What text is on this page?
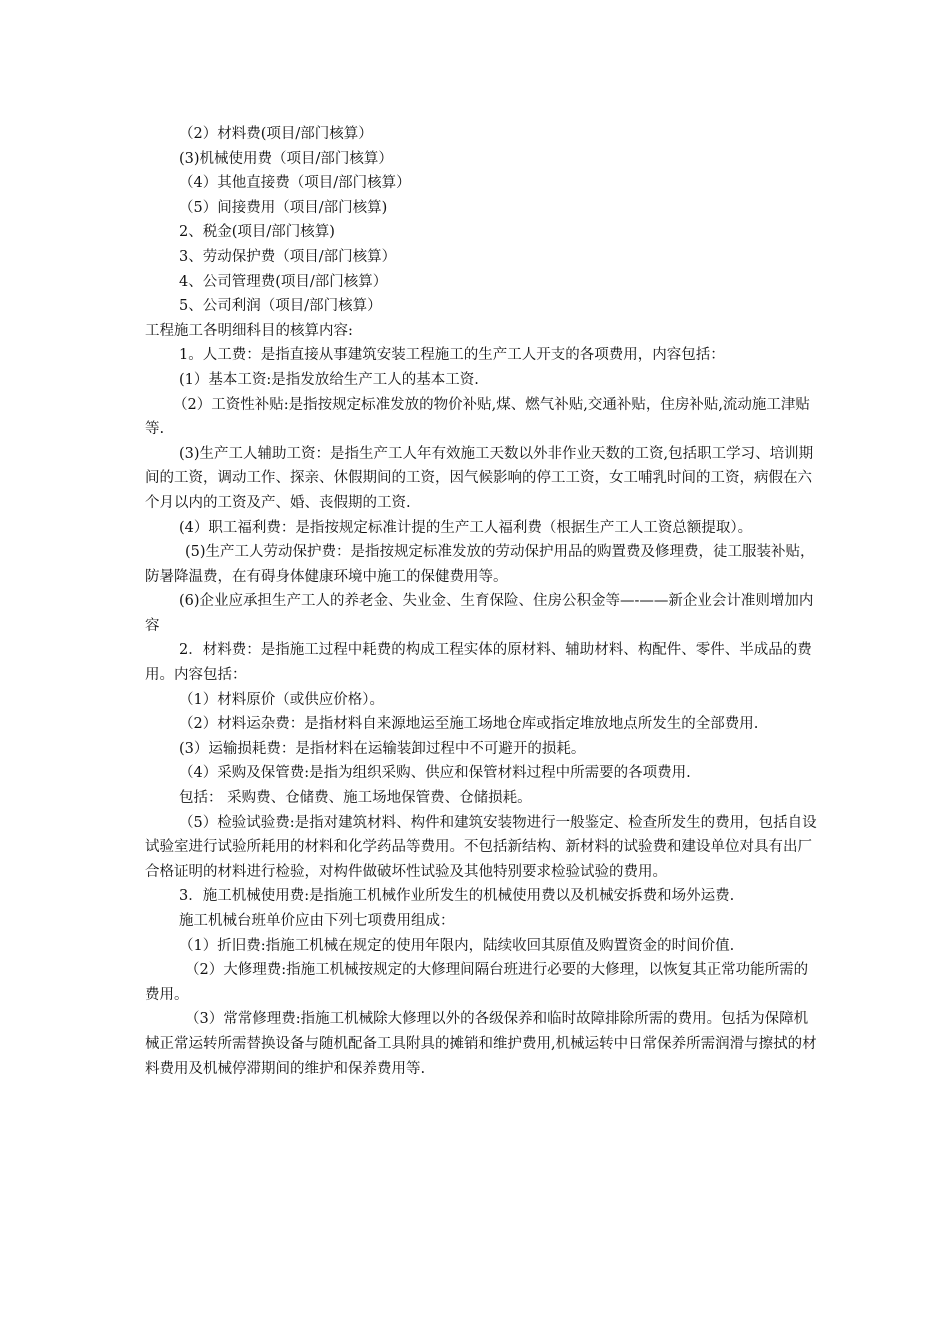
（2）材料费(项目/部门核算）

(3)机械使用费（项目/部门核算）

（4）其他直接费（项目/部门核算）

（5）间接费用（项目/部门核算)

2、税金(项目/部门核算)

3、劳动保护费（项目/部门核算）

4、公司管理费(项目/部门核算）

5、公司利润（项目/部门核算）

工程施工各明细科目的核算内容:

1。人工费：是指直接从事建筑安装工程施工的生产工人开支的各项费用，内容包括：

(1）基本工资:是指发放给生产工人的基本工资.

（2）工资性补贴:是指按规定标准发放的物价补贴,煤、燃气补贴,交通补贴，住房补贴,流动施工津贴等.

(3)生产工人辅助工资：是指生产工人年有效施工天数以外非作业天数的工资,包括职工学习、培训期间的工资，调动工作、探亲、休假期间的工资，因气候影响的停工工资，女工哺乳时间的工资，病假在六个月以内的工资及产、婚、丧假期的工资.

(4）职工福利费：是指按规定标准计提的生产工人福利费（根据生产工人工资总额提取）。

(5)生产工人劳动保护费：是指按规定标准发放的劳动保护用品的购置费及修理费，徒工服装补贴，防暑降温费，在有碍身体健康环境中施工的保健费用等。

(6)企业应承担生产工人的养老金、失业金、生育保险、住房公积金等—-——新企业会计准则增加内容

2．材料费：是指施工过程中耗费的构成工程实体的原材料、辅助材料、构配件、零件、半成品的费用。内容包括：

（1）材料原价（或供应价格）。

（2）材料运杂费：是指材料自来源地运至施工场地仓库或指定堆放地点所发生的全部费用.

(3）运输损耗费：是指材料在运输装卸过程中不可避开的损耗。

（4）采购及保管费:是指为组织采购、供应和保管材料过程中所需要的各项费用.

包括： 采购费、仓储费、施工场地保管费、仓储损耗。

（5）检验试验费:是指对建筑材料、构件和建筑安装物进行一般鉴定、检查所发生的费用，包括自设试验室进行试验所耗用的材料和化学药品等费用。不包括新结构、新材料的试验费和建设单位对具有出厂合格证明的材料进行检验，对构件做破坏性试验及其他特别要求检验试验的费用。

3．施工机械使用费:是指施工机械作业所发生的机械使用费以及机械安拆费和场外运费.

施工机械台班单价应由下列七项费用组成：

（1）折旧费:指施工机械在规定的使用年限内，陆续收回其原值及购置资金的时间价值.

（2）大修理费:指施工机械按规定的大修理间隔台班进行必要的大修理，以恢复其正常功能所需的费用。

（3）常常修理费:指施工机械除大修理以外的各级保养和临时故障排除所需的费用。包括为保障机械正常运转所需替换设备与随机配备工具附具的摊销和维护费用,机械运转中日常保养所需润滑与擦拭的材料费用及机械停滞期间的维护和保养费用等.
